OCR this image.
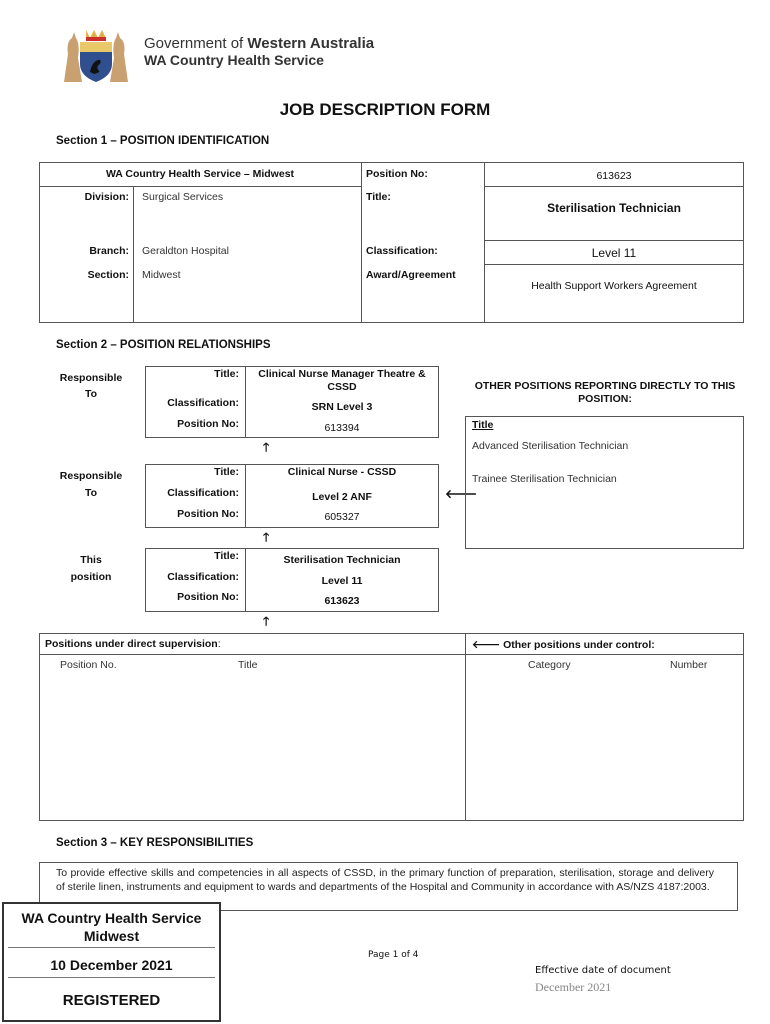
Government of Western Australia
WA Country Health Service
JOB DESCRIPTION FORM
Section 1 – POSITION IDENTIFICATION
WA Country Health Service – Midwest	Position No:	613623
Division: Surgical Services	Title:
Sterilisation Technician
Branch: Geraldton Hospital	Classification:	Level 11
Section: Midwest	Award/Agreement
Health Support Workers Agreement
Section 2 – POSITION RELATIONSHIPS
Responsible
To
Title:	Clinical Nurse Manager Theatre & CSSD
Classification:	SRN Level 3
Position No:	613394
🡑
Responsible
To
Title:	Clinical Nurse - CSSD
Classification:	Level 2 ANF
Position No:	605327
🡐
🡑
This
position
Title:	Sterilisation Technician
Classification:	Level 11
Position No:	613623
🡑
OTHER POSITIONS REPORTING DIRECTLY TO THIS POSITION:
Title
Advanced Sterilisation Technician
Trainee Sterilisation Technician
Positions under direct supervision:	🡐 Other positions under control:
Position No.	Title	Category	Number
Section 3 – KEY RESPONSIBILITIES
To provide effective skills and competencies in all aspects of CSSD, in the primary function of preparation, sterilisation, storage and delivery of sterile linen, instruments and equipment to wards and departments of the Hospital and Community in accordance with AS/NZS 4187:2003.
WA Country Health Service
Midwest
10 December 2021
REGISTERED
Page 1 of 4
Effective date of document
December 2021
